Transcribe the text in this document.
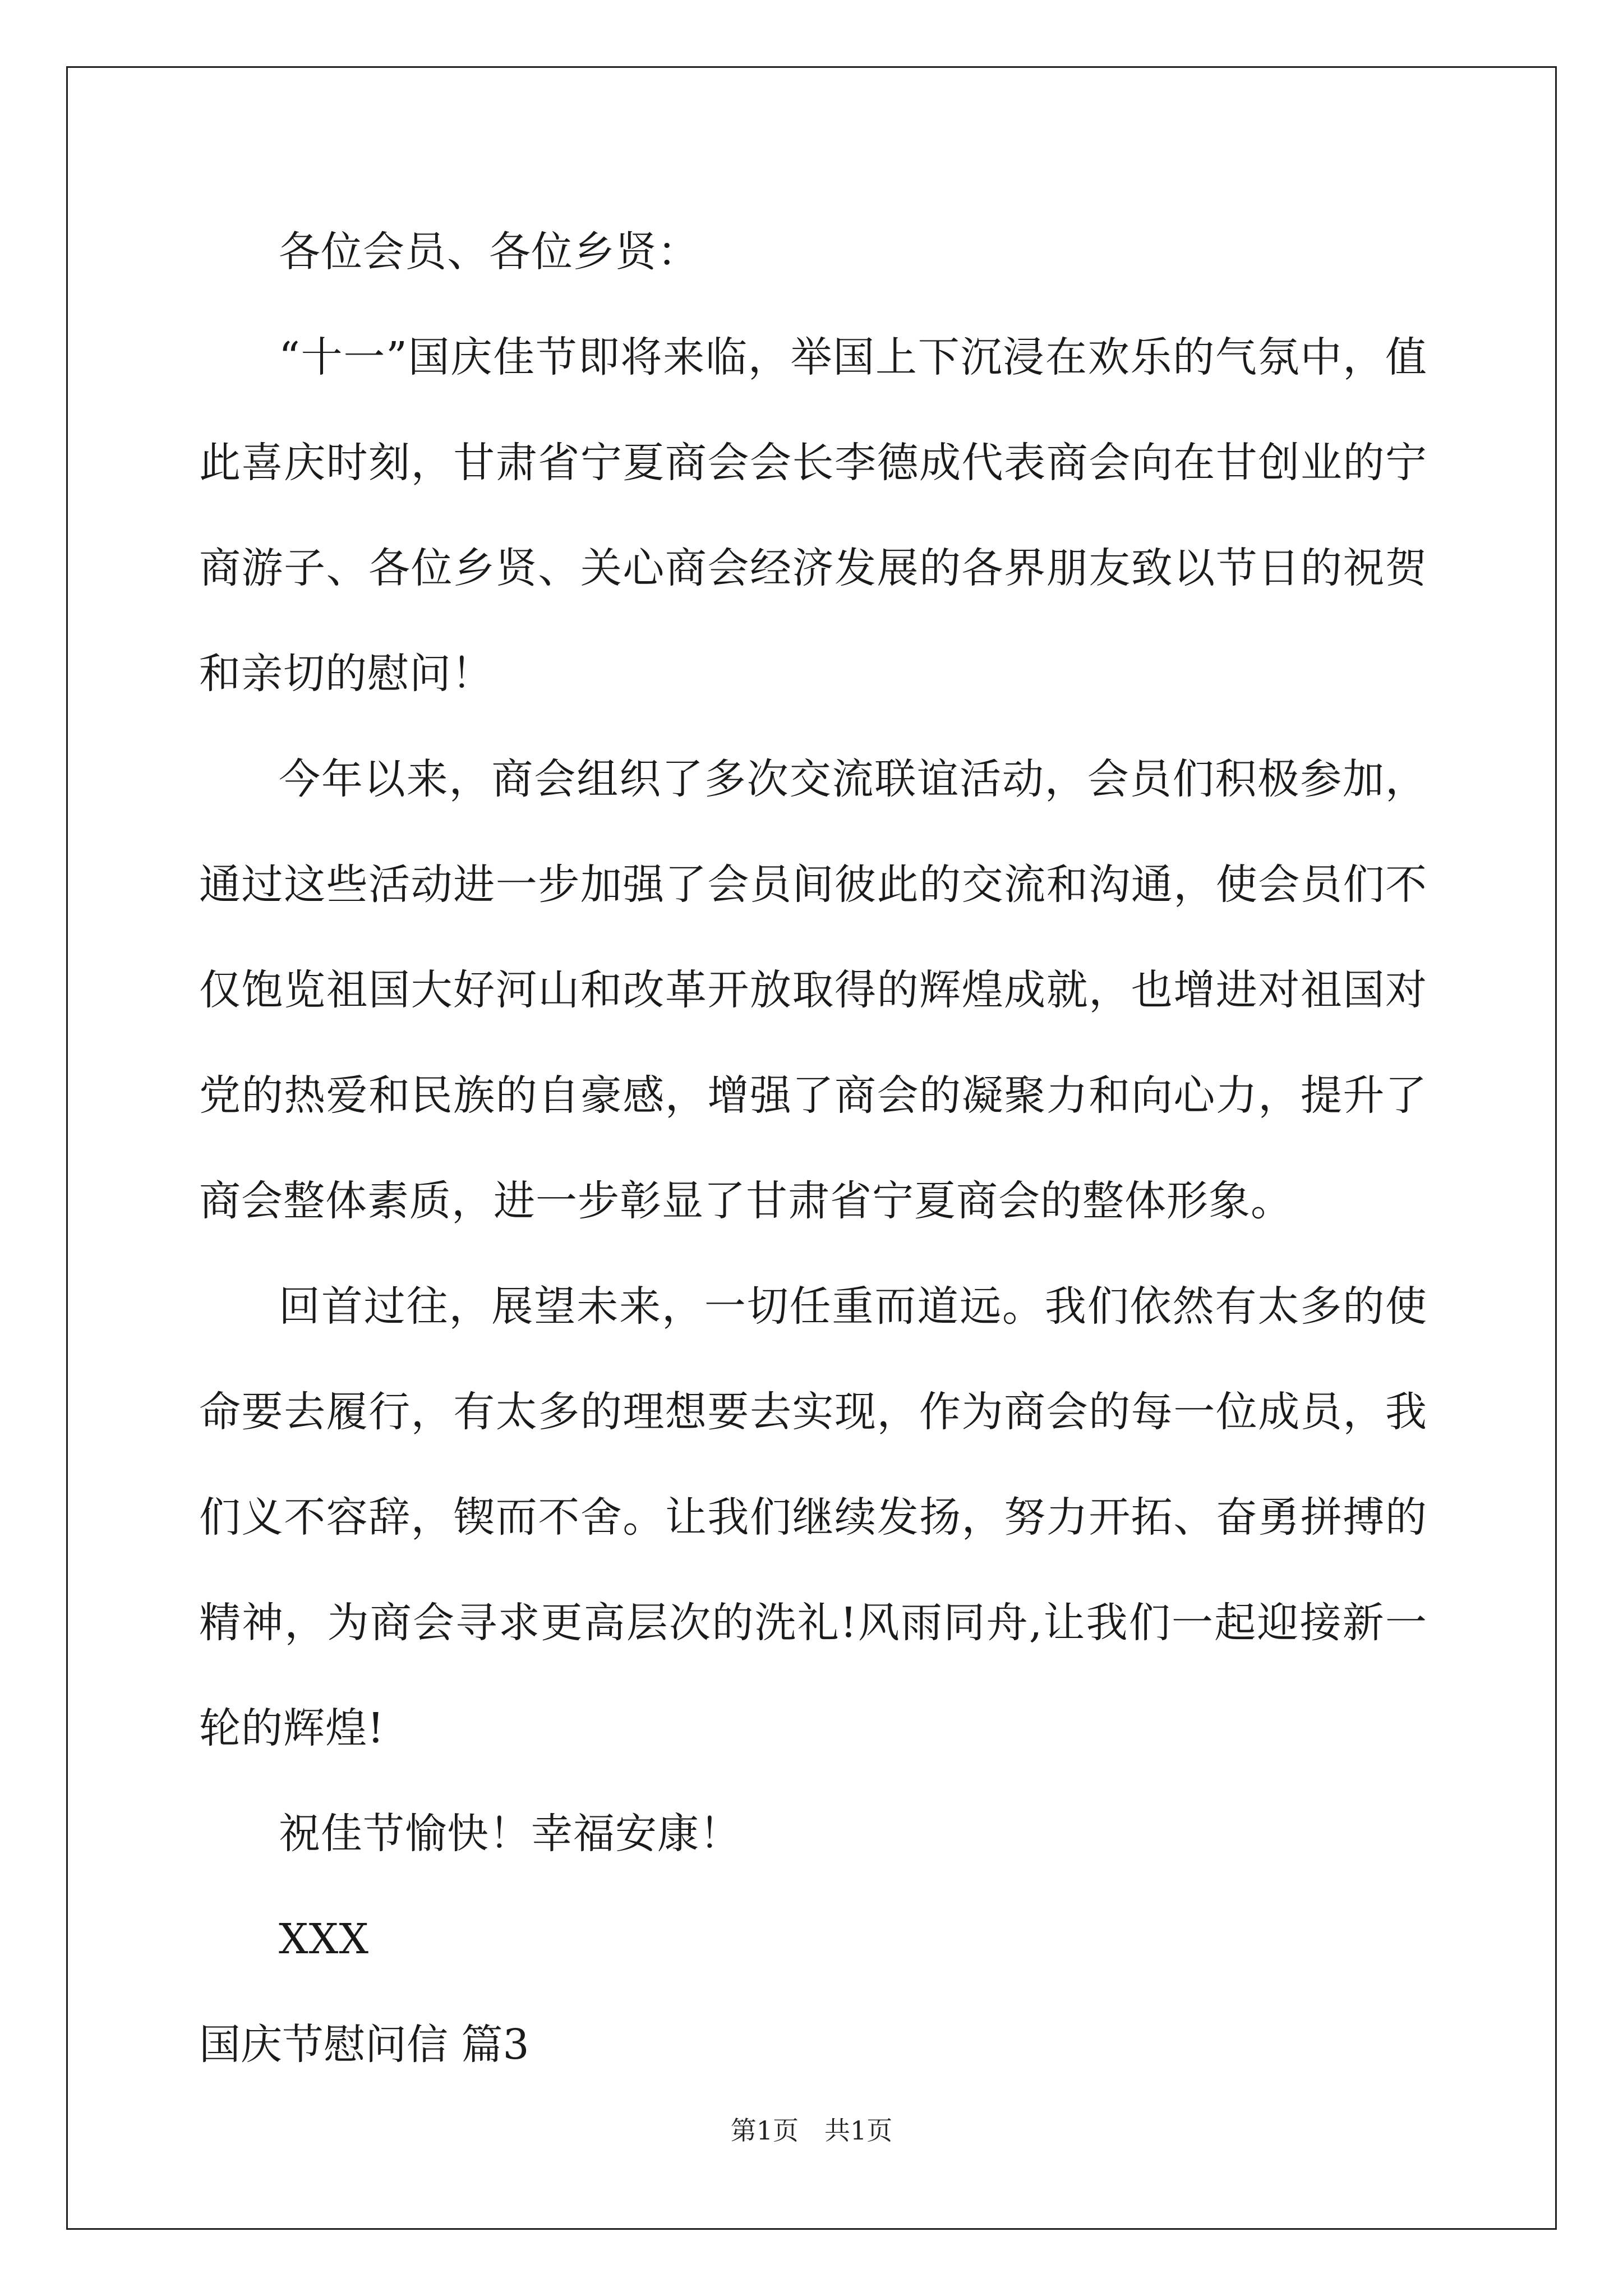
各位会员、各位乡贤：

“十一”国庆佳节即将来临，举国上下沉浸在欢乐的气氛中，值此喜庆时刻，甘肃省宁夏商会会长李德成代表商会向在甘创业的宁商游子、各位乡贤、关心商会经济发展的各界朋友致以节日的祝贺和亲切的慰问！

今年以来，商会组织了多次交流联谊活动，会员们积极参加，通过这些活动进一步加强了会员间彼此的交流和沟通，使会员们不仅饱览祖国大好河山和改革开放取得的辉煌成就，也增进对祖国对党的热爱和民族的自豪感，增强了商会的凝聚力和向心力，提升了商会整体素质，进一步彰显了甘肃省宁夏商会的整体形象。

回首过往，展望未来，一切任重而道远。我们依然有太多的使命要去履行，有太多的理想要去实现，作为商会的每一位成员，我们义不容辞，锲而不舍。让我们继续发扬，努力开拓、奋勇拼搏的精神，为商会寻求更高层次的洗礼!风雨同舟,让我们一起迎接新一轮的辉煌!

祝佳节愉快！幸福安康！

XXX

国庆节慰问信 篇3

第1页 共1页
